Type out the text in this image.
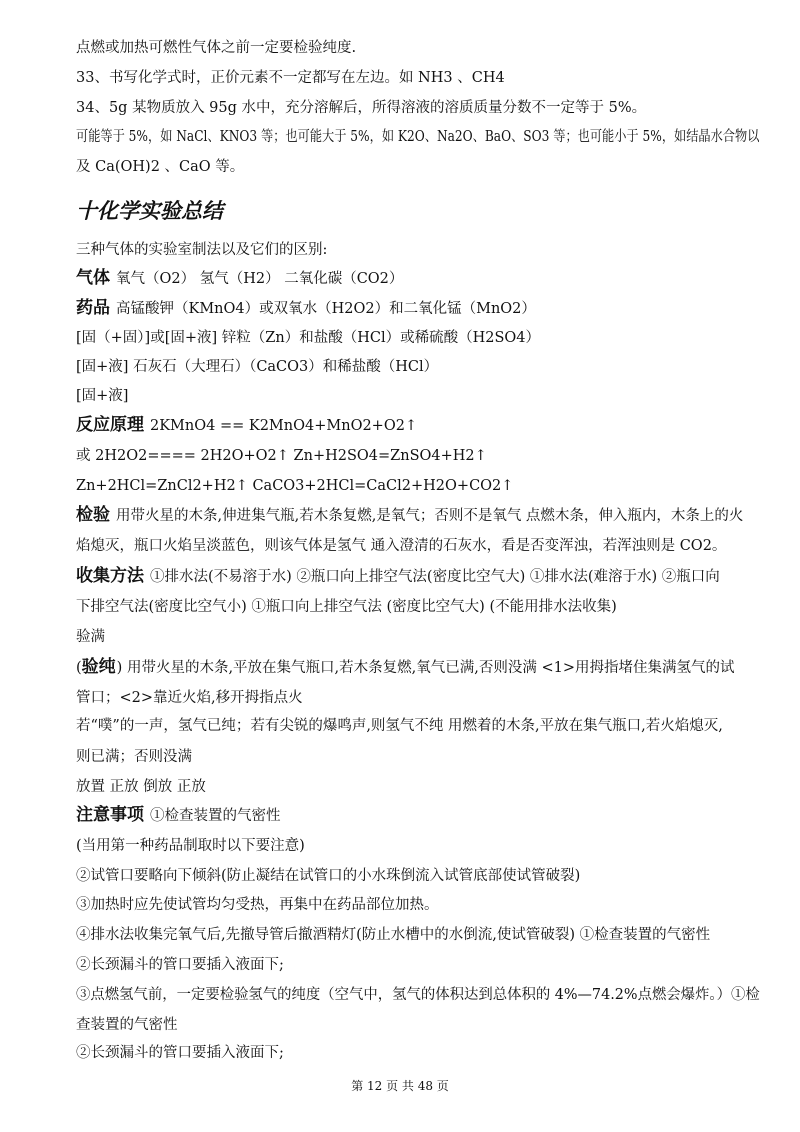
点燃或加热可燃性气体之前一定要检验纯度.
33、书写化学式时，正价元素不一定都写在左边。如 NH3 、CH4
34、5g 某物质放入 95g 水中，充分溶解后，所得溶液的溶质质量分数不一定等于 5%。
可能等于 5%，如 NaCl、KNO3 等；也可能大于 5%，如 K2O、Na2O、BaO、SO3 等；也可能小于 5%，如结晶水合物以
及 Ca(OH)2 、CaO 等。
十化学实验总结
三种气体的实验室制法以及它们的区别:
气体 氧气（O2） 氢气（H2） 二氧化碳（CO2）
药品 高锰酸钾（KMnO4）或双氧水（H2O2）和二氧化锰（MnO2）
[固（+固）]或[固+液] 锌粒（Zn）和盐酸（HCl）或稀硫酸（H2SO4）
[固+液] 石灰石（大理石）（CaCO3）和稀盐酸（HCl）
[固+液]
反应原理 2KMnO4 == K2MnO4+MnO2+O2↑
或 2H2O2==== 2H2O+O2↑ Zn+H2SO4=ZnSO4+H2↑
Zn+2HCl=ZnCl2+H2↑ CaCO3+2HCl=CaCl2+H2O+CO2↑
检验 用带火星的木条,伸进集气瓶,若木条复燃,是氧气；否则不是氧气 点燃木条，伸入瓶内，木条上的火
焰熄灭，瓶口火焰呈淡蓝色，则该气体是氢气 通入澄清的石灰水，看是否变浑浊，若浑浊则是 CO2。
收集方法 ①排水法(不易溶于水) ②瓶口向上排空气法(密度比空气大) ①排水法(难溶于水) ②瓶口向
下排空气法(密度比空气小) ①瓶口向上排空气法 (密度比空气大) (不能用排水法收集)
验满
(验纯) 用带火星的木条,平放在集气瓶口,若木条复燃,氧气已满,否则没满 <1>用拇指堵住集满氢气的试
管口；<2>靠近火焰,移开拇指点火
若“噗”的一声，氢气已纯；若有尖锐的爆鸣声,则氢气不纯 用燃着的木条,平放在集气瓶口,若火焰熄灭,
则已满；否则没满
放置 正放 倒放 正放
注意事项 ①检查装置的气密性
(当用第一种药品制取时以下要注意)
②试管口要略向下倾斜(防止凝结在试管口的小水珠倒流入试管底部使试管破裂)
③加热时应先使试管均匀受热，再集中在药品部位加热。
④排水法收集完氧气后,先撤导管后撤酒精灯(防止水槽中的水倒流,使试管破裂) ①检查装置的气密性
②长颈漏斗的管口要插入液面下;
③点燃氢气前，一定要检验氢气的纯度（空气中，氢气的体积达到总体积的 4%—74.2%点燃会爆炸。）①检
查装置的气密性
②长颈漏斗的管口要插入液面下;
第 12 页 共 48 页
